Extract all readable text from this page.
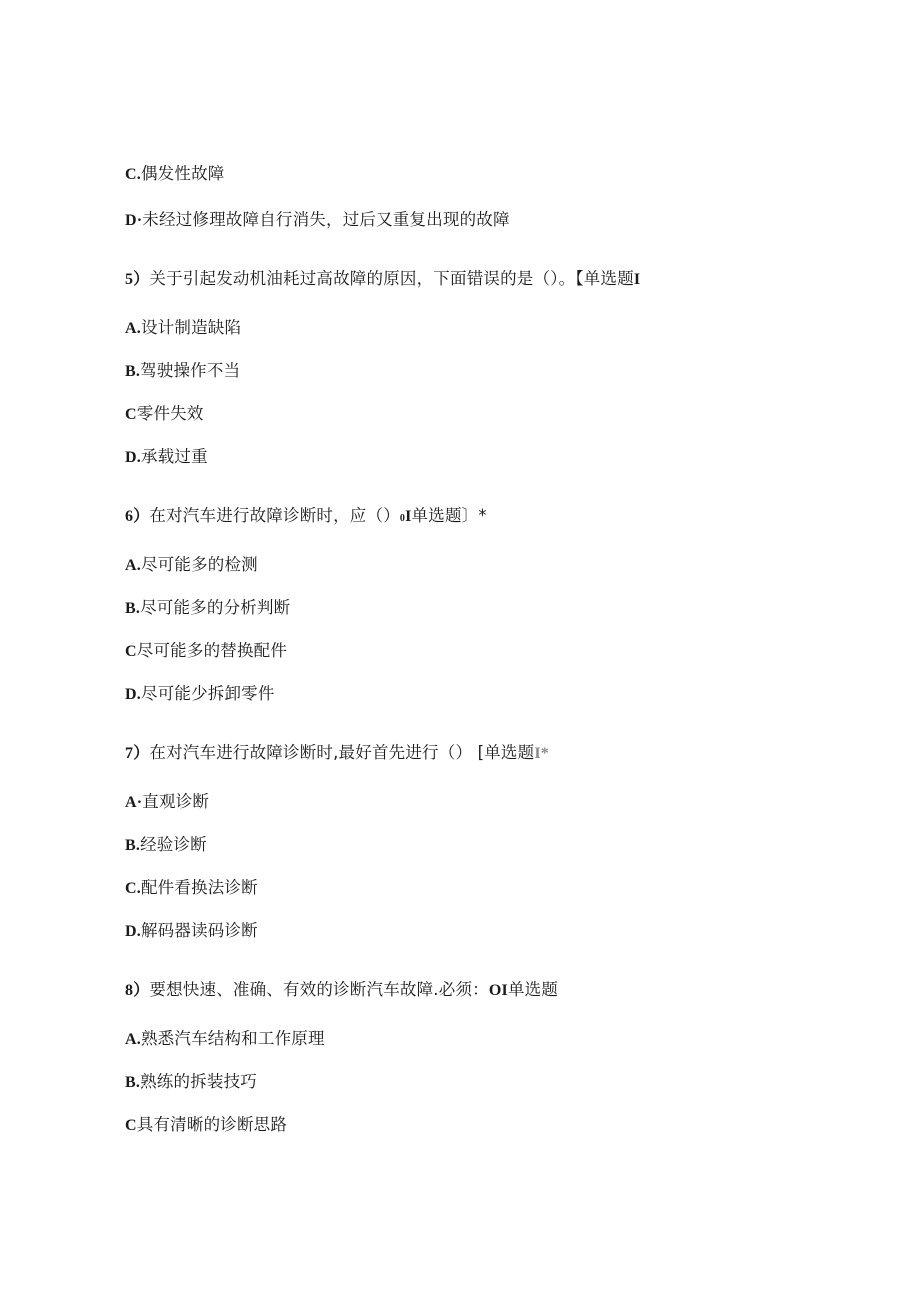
C.偶发性故障
D·未经过修理故障自行消失，过后又重复出现的故障
5）关于引起发动机油耗过高故障的原因，下面错误的是（）。【单选题I
A.设计制造缺陷
B.驾驶操作不当
C零件失效
D.承载过重
6）在对汽车进行故障诊断时，应（）0I单选题〕*
A.尽可能多的检测
B.尽可能多的分析判断
C尽可能多的替换配件
D.尽可能少拆卸零件
7）在对汽车进行故障诊断时,最好首先进行（） [单选题I*
A·直观诊断
B.经验诊断
C.配件看换法诊断
D.解码器读码诊断
8）要想快速、准确、有效的诊断汽车故障.必须：OI单选题
A.熟悉汽车结构和工作原理
B.熟练的拆装技巧
C具有清晰的诊断思路
